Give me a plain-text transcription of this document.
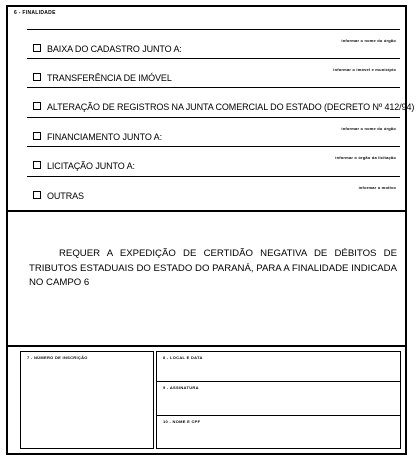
6 - FINALIDADE
BAIXA DO CADASTRO JUNTO A:
informar o nome do órgão
TRANSFERÊNCIA DE IMÓVEL
informar o imóvel e município
ALTERAÇÃO DE REGISTROS NA JUNTA COMERCIAL DO ESTADO (DECRETO Nº 412/94)
FINANCIAMENTO JUNTO A:
informar o nome do órgão
LICITAÇÃO JUNTO A:
informar o órgão da licitação
OUTRAS
informar o motivo
REQUER A EXPEDIÇÃO DE CERTIDÃO NEGATIVA DE DÉBITOS DE TRIBUTOS ESTADUAIS DO ESTADO DO PARANÁ, PARA A FINALIDADE INDICADA NO CAMPO 6
7 - NÚMERO DE INSCRIÇÃO	8 - LOCAL E DATA
9 - ASSINATURA
10 - NOME E CPF
